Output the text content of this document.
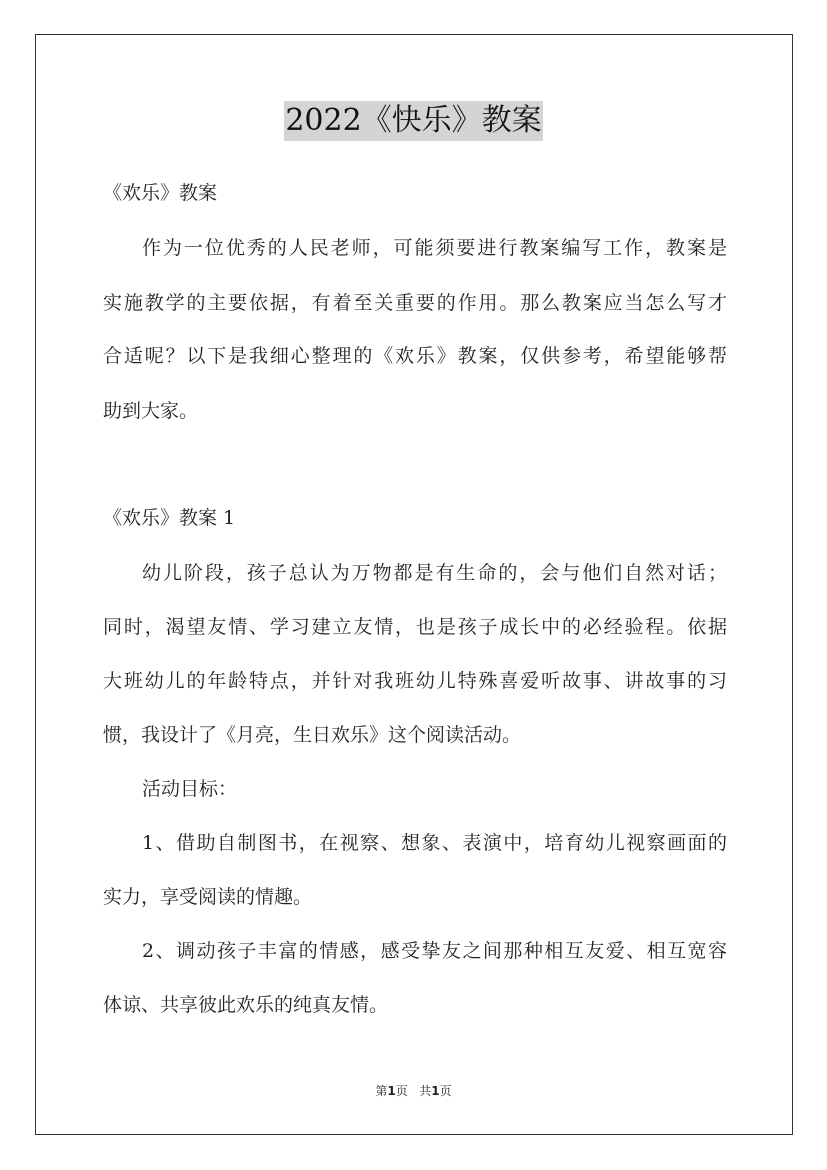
2022《快乐》教案
《欢乐》教案
作为一位优秀的人民老师，可能须要进行教案编写工作，教案是
实施教学的主要依据，有着至关重要的作用。那么教案应当怎么写才
合适呢？以下是我细心整理的《欢乐》教案，仅供参考，希望能够帮
助到大家。
《欢乐》教案 1
幼儿阶段，孩子总认为万物都是有生命的，会与他们自然对话；
同时，渴望友情、学习建立友情，也是孩子成长中的必经验程。依据
大班幼儿的年龄特点，并针对我班幼儿特殊喜爱听故事、讲故事的习
惯，我设计了《月亮，生日欢乐》这个阅读活动。
活动目标：
1、借助自制图书，在视察、想象、表演中，培育幼儿视察画面的
实力，享受阅读的情趣。
2、调动孩子丰富的情感，感受挚友之间那种相互友爱、相互宽容
体谅、共享彼此欢乐的纯真友情。
第1页 共1页
